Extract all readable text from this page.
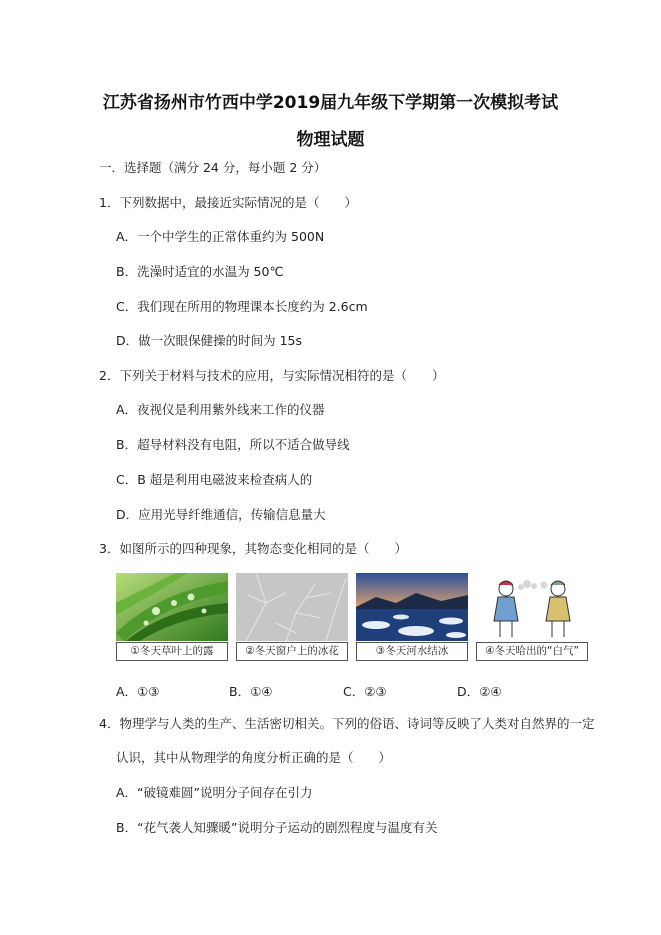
江苏省扬州市竹西中学2019届九年级下学期第一次模拟考试
物理试题

一．选择题（满分 24 分，每小题 2 分）

1．下列数据中，最接近实际情况的是（　　）

A．一个中学生的正常体重约为 500N

B．洗澡时适宜的水温为 50℃

C．我们现在所用的物理课本长度约为 2.6cm

D．做一次眼保健操的时间为 15s

2．下列关于材料与技术的应用，与实际情况相符的是（　　）

A．夜视仪是利用紫外线来工作的仪器

B．超导材料没有电阻，所以不适合做导线

C．B 超是利用电磁波来检查病人的

D．应用光导纤维通信，传输信息量大

3．如图所示的四种现象，其物态变化相同的是（　　）

①冬天草叶上的露	②冬天窗户上的冰花	③冬天河水结冰	④冬天哈出的“白气”
A．①③	B．①④	C．②③	D．②④

4．物理学与人类的生产、生活密切相关。下列的俗语、诗词等反映了人类对自然界的一定

认识，其中从物理学的角度分析正确的是（　　）

A．“破镜难圆”说明分子间存在引力

B．“花气袭人知骤暖”说明分子运动的剧烈程度与温度有关
